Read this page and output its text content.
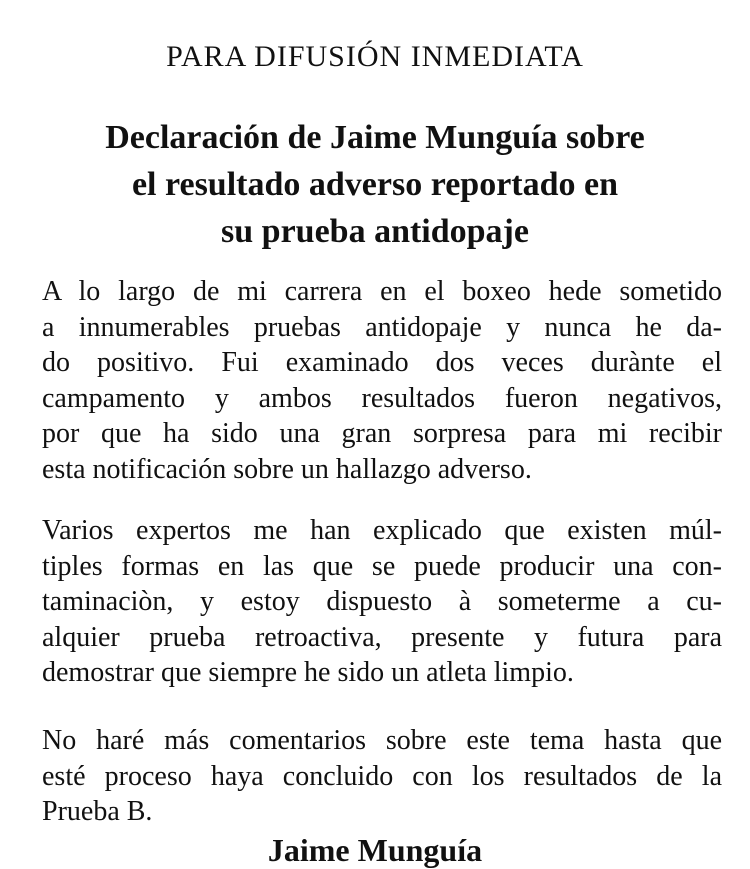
PARA DIFUSIÓN INMEDIATA
Declaración de Jaime Munguía sobre
el resultado adverso reportado en
su prueba antidopaje
A lo largo de mi carrera en el boxeo hede sometido
a innumerables pruebas antidopaje y nunca he da-
do positivo. Fui examinado dos veces durànte el
campamento y ambos resultados fueron negativos,
por que ha sido una gran sorpresa para mi recibir
esta notificación sobre un hallazgo adverso.
Varios expertos me han explicado que existen múl-
tiples formas en las que se puede producir una con-
taminaciòn, y estoy dispuesto à sometermе a cu-
alquier prueba retroactiva, presente y futura para
demostrar que siempre he sido un atleta limpio.
No haré más comentarios sobre este tema hasta que
esté proceso haya concluido con los resultados de la
Prueba B.

Jaime Munguía
